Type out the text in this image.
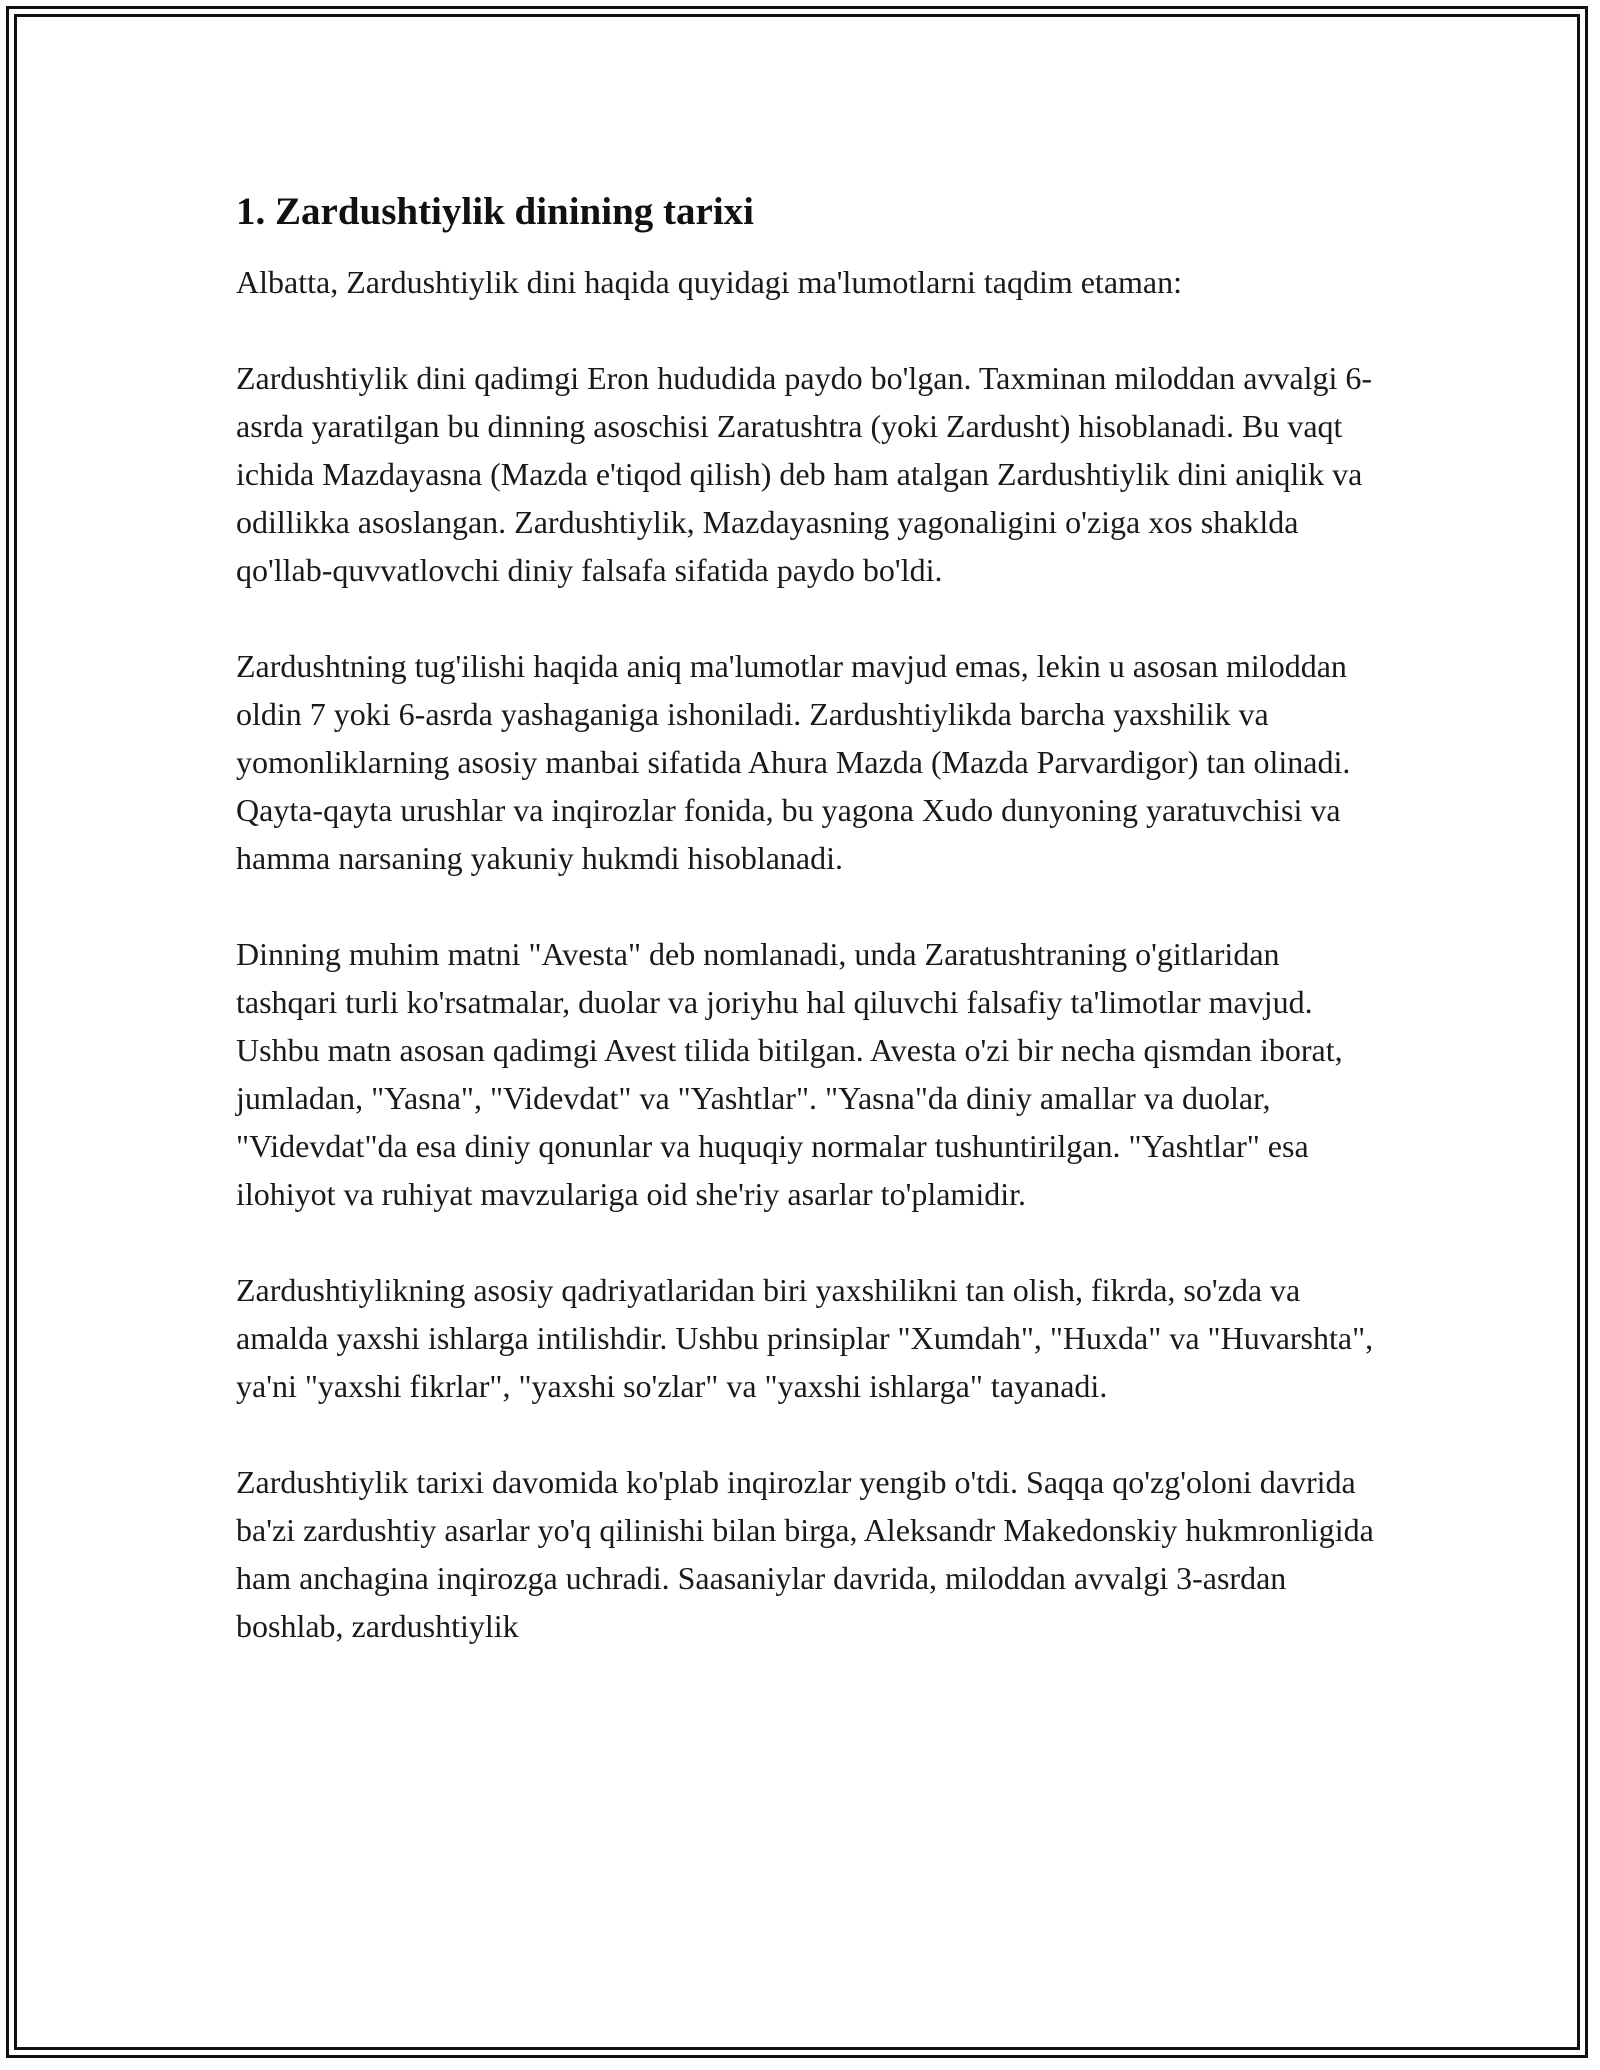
1. Zardushtiylik dinining tarixi

Albatta, Zardushtiylik dini haqida quyidagi ma'lumotlarni taqdim etaman:

Zardushtiylik dini qadimgi Eron hududida paydo bo'lgan. Taxminan miloddan avvalgi 6-asrda yaratilgan bu dinning asoschisi Zaratushtra (yoki Zardusht) hisoblanadi. Bu vaqt ichida Mazdayasna (Mazda e'tiqod qilish) deb ham atalgan Zardushtiylik dini aniqlik va odillikka asoslangan. Zardushtiylik, Mazdayasning yagonaligini o'ziga xos shakldа qo'llab-quvvatlovchi diniy falsafa sifatida paydo bo'ldi.

Zardushtning tug'ilishi haqida aniq ma'lumotlar mavjud emas, lekin u asosan miloddan oldin 7 yoki 6-asrda yashaganiga ishoniladi. Zardushtiylikda barcha yaxshilik va yomonliklarning asosiy manbai sifatida Ahura Mazda (Mazda Parvardigor) tan olinadi. Qayta-qayta urushlar va inqirozlar fonida, bu yagona Xudo dunyoning yaratuvchisi va hamma narsaning yakuniy hukmdi hisoblanadi.

Dinning muhim matni "Avesta" deb nomlanadi, unda Zaratushtraning o'gitlaridan tashqari turli ko'rsatmalar, duolar va joriyhu hal qiluvchi falsafiy ta'limotlar mavjud. Ushbu matn asosan qadimgi Avest tilida bitilgan. Avesta o'zi bir necha qismdan iborat, jumladan, "Yasna", "Videvdat" va "Yashtlar". "Yasna"da diniy amallar va duolar, "Videvdat"da esa diniy qonunlar va huquqiy normalar tushuntirilgan. "Yashtlar" esa ilohiyot va ruhiyat mavzulariga oid she'riy asarlar to'plamidir.

Zardushtiylikning asosiy qadriyatlaridan biri yaxshilikni tan olish, fikrda, so'zda va amalda yaxshi ishlarga intilishdir. Ushbu prinsiplar "Xumdah", "Huxda" va "Huvarshta", ya'ni "yaxshi fikrlar", "yaxshi so'zlar" va "yaxshi ishlarga" tayanadi.

Zardushtiylik tarixi davomida ko'plab inqirozlar yengib o'tdi. Saqqa qo'zg'oloni davrida ba'zi zardushtiy asarlar yo'q qilinishi bilan birga, Aleksandr Makedonskiy hukmronligida ham anchagina inqirozga uchradi. Saasaniylar davrida, miloddan avvalgi 3-asrdan boshlab, zardushtiylik
